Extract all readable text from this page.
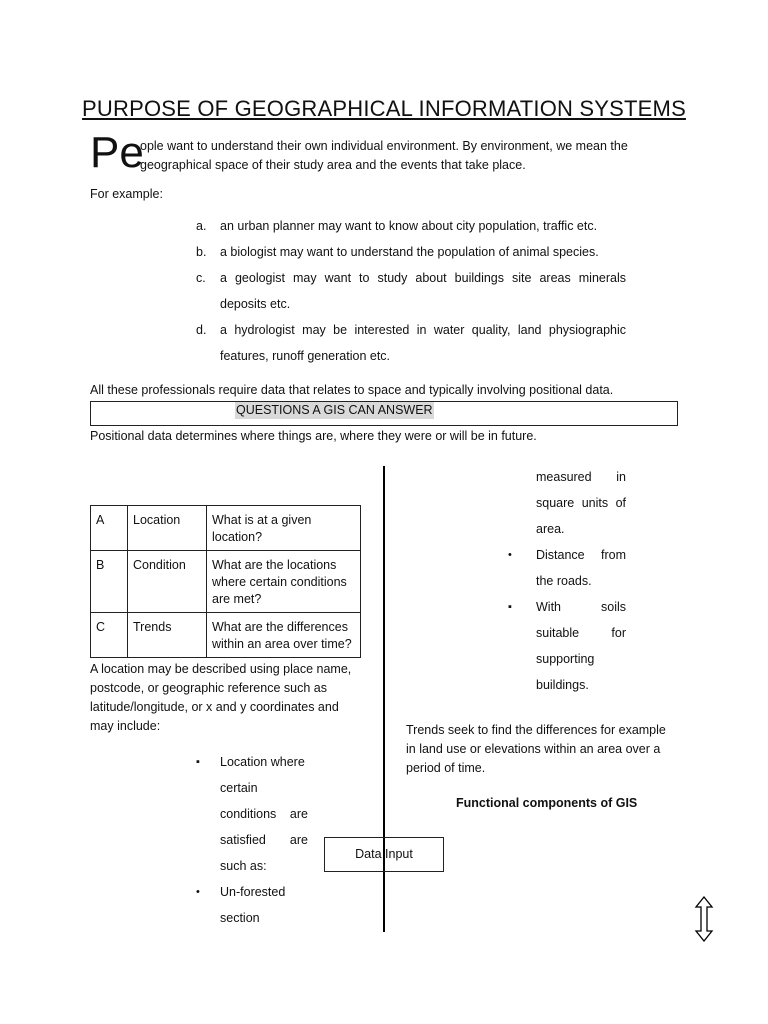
PURPOSE OF GEOGRAPHICAL INFORMATION SYSTEMS
Pe
ople want to understand their own individual environment. By environment, we mean the
geographical space of their study area and the events that take place.
For example:
a.	an urban planner may want to know about city population, traffic etc.
b.	a biologist may want to understand the population of animal species.
c.	a geologist may want to study about buildings site areas minerals
deposits etc.
d.	a hydrologist may be interested in water quality, land physiographic
features, runoff generation etc.
All these professionals require data that relates to space and typically involving positional data.
QUESTIONS A GIS CAN ANSWER
Positional data determines where things are, where they were or will be in future.
A	Location	What is at a given
location?

B	Condition	What are the locations
where certain conditions
are met?

C	Trends	What are the differences
within an area over time?
A location may be described using place name,
postcode, or geographic reference such as
latitude/longitude, or x and y coordinates and
may include:
▪	Location where
certain
conditions are
satisfied are
such as:
•	Un-forested
section
measured in
square units of
area.
•	Distance from
the roads.
▪	With soils
suitable for
supporting
buildings.
Trends seek to find the differences for example
in land use or elevations within an area over a
period of time.
Functional components of GIS
Data Input
